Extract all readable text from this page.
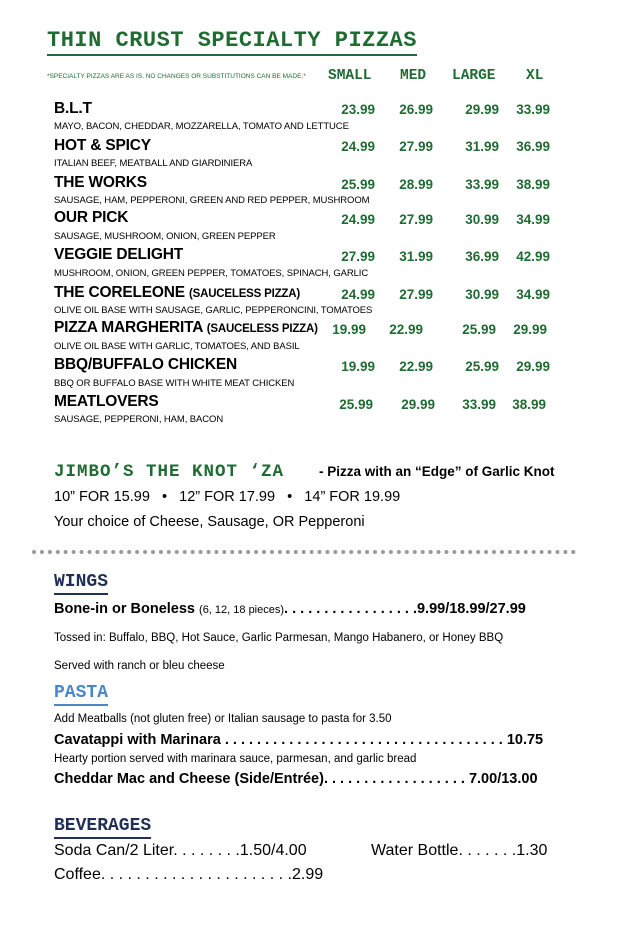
THIN CRUST SPECIALTY PIZZAS
*SPECIALTY PIZZAS ARE AS IS. NO CHANGES OR SUBSTITUTIONS CAN BE MADE.* SMALL MED LARGE XL
B.L.T
MAYO, BACON, CHEDDAR, MOZZARELLA, TOMATO AND LETTUCE
23.99	26.99	29.99	33.99
HOT & SPICY
ITALIAN BEEF, MEATBALL AND GIARDINIERA
24.99	27.99	31.99	36.99
THE WORKS
SAUSAGE, HAM, PEPPERONI, GREEN AND RED PEPPER, MUSHROOM
25.99	28.99	33.99	38.99
OUR PICK
SAUSAGE, MUSHROOM, ONION, GREEN PEPPER
24.99	27.99	30.99	34.99
VEGGIE DELIGHT
MUSHROOM, ONION, GREEN PEPPER, TOMATOES, SPINACH, GARLIC
27.99	31.99	36.99	42.99
THE CORELEONE (SAUCELESS PIZZA)
OLIVE OIL BASE WITH SAUSAGE, GARLIC, PEPPERONCINI, TOMATOES
24.99	27.99	30.99	34.99
PIZZA MARGHERITA (SAUCELESS PIZZA)
OLIVE OIL BASE WITH GARLIC, TOMATOES, AND BASIL
19.99	22.99	25.99	29.99
BBQ/BUFFALO CHICKEN
BBQ OR BUFFALO BASE WITH WHITE MEAT CHICKEN
19.99	22.99	25.99	29.99
MEATLOVERS
SAUSAGE, PEPPERONI, HAM, BACON
25.99	29.99	33.99	38.99
JIMBO’S THE KNOT ‘ZA	- Pizza with an “Edge” of Garlic Knot
10” FOR 15.99   •   12” FOR 17.99   •   14” FOR 19.99
Your choice of Cheese, Sausage, OR Pepperoni
WINGS
Bone-in or Boneless (6, 12, 18 pieces). . . . . . . . . . . . . . . . .9.99/18.99/27.99
Tossed in: Buffalo, BBQ, Hot Sauce, Garlic Parmesan, Mango Habanero, or Honey BBQ
Served with ranch or bleu cheese
PASTA
Add Meatballs (not gluten free) or Italian sausage to pasta for 3.50
Cavatappi with Marinara . . . . . . . . . . . . . . . . . . . . . . . . . . . . . . . . . . . 10.75
Hearty portion served with marinara sauce, parmesan, and garlic bread
Cheddar Mac and Cheese (Side/Entrée). . . . . . . . . . . . . . . . . . 7.00/13.00
BEVERAGES
Soda Can/2 Liter. . . . . . . .1.50/4.00	Water Bottle. . . . . . .1.30
Coffee. . . . . . . . . . . . . . . . . . . . . .2.99
